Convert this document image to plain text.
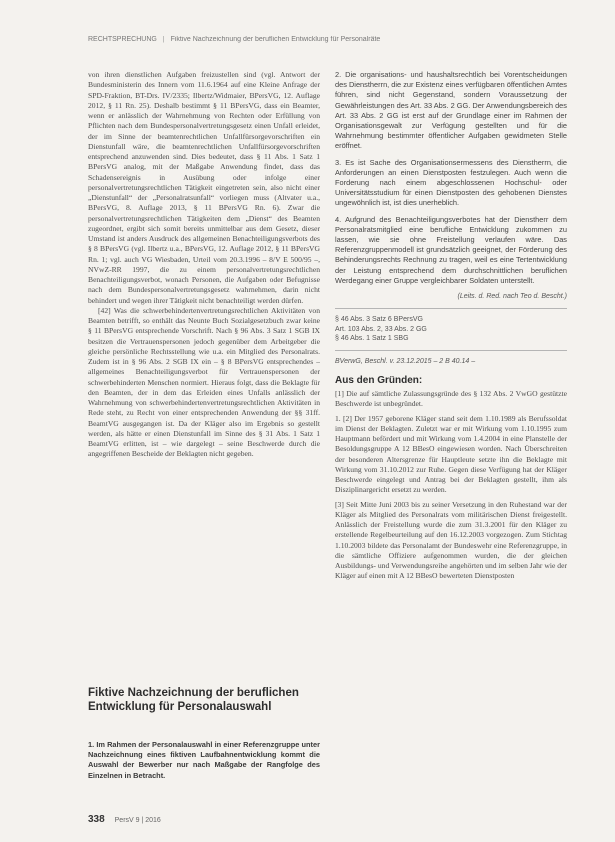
RECHTSPRECHUNG | Fiktive Nachzeichnung der beruflichen Entwicklung für Personalräte

von ihren dienstlichen Aufgaben freizustellen sind (vgl. Antwort der Bundesministerin des Innern vom 11.6.1964 auf eine Kleine Anfrage der SPD-Fraktion, BT-Drs. IV/2335; Ilbertz/Widmaier, BPersVG, 12. Auflage 2012, § 11 Rn. 25). Deshalb bestimmt § 11 BPersVG, dass ein Beamter, wenn er anlässlich der Wahrnehmung von Rechten oder Erfüllung von Pflichten nach dem Bundespersonalvertretungsgesetz einen Unfall erleidet, der im Sinne der beamtenrechtlichen Unfallfürsorgevorschriften ein Dienstunfall wäre, die beamtenrechtlichen Unfallfürsorgevorschriften entsprechend anzuwenden sind. Dies bedeutet, dass § 11 Abs. 1 Satz 1 BPersVG analog, mit der Maßgabe Anwendung findet, dass das Schadensereignis in Ausübung oder infolge einer personalvertretungsrechtlichen Tätigkeit eingetreten sein, also nicht einer „Dienstunfall“ der „Personalratsunfall“ vorliegen muss (Altvater u.a., BPersVG, 8. Auflage 2013, § 11 BPersVG Rn. 6). Zwar die personalvertretungsrechtlichen Tätigkeiten dem „Dienst“ des Beamten zugeordnet, ergibt sich somit bereits unmittelbar aus dem Gesetz, dieser Umstand ist anders Ausdruck des allgemeinen Benachteiligungsverbots des § 8 BPersVG (vgl. Ilbertz u.a., BPersVG, 12. Auflage 2012, § 11 BPersVG Rn. 1; vgl. auch VG Wiesbaden, Urteil vom 20.3.1996 – 8/V E 500/95 –, NVwZ-RR 1997, die zu einem personalvertretungsrechtlichen Benachteiligungsverbot, wonach Personen, die Aufgaben oder Befugnisse nach dem Bundespersonalvertretungsgesetz wahrnehmen, darin nicht behindert und wegen ihrer Tätigkeit nicht benachteiligt werden dürfen.

[42] Was die schwerbehindertenvertretungsrechtlichen Aktivitäten von Beamten betrifft, so enthält das Neunte Buch Sozialgesetzbuch zwar keine § 11 BPersVG entsprechende Vorschrift. Nach § 96 Abs. 3 Satz 1 SGB IX besitzen die Vertrauenspersonen jedoch gegenüber dem Arbeitgeber die gleiche persönliche Rechtsstellung wie u.a. ein Mitglied des Personalrats. Zudem ist in § 96 Abs. 2 SGB IX ein – § 8 BPersVG entsprechendes – allgemeines Benachteiligungsverbot für Vertrauenspersonen der schwerbehinderten Menschen normiert. Hieraus folgt, dass die Beklagte für den Beamten, der in dem das Erleiden eines Unfalls anlässlich der Wahrnehmung von schwerbehindertenvertretungsrechtlichen Aktivitäten in Rede steht, zu Recht von einer entsprechenden Anwendung der §§ 31ff. BeamtVG ausgegangen ist. Da der Kläger also im Ergebnis so gestellt werden, als hätte er einen Dienstunfall im Sinne des § 31 Abs. 1 Satz 1 BeamtVG erlitten, ist – wie dargelegt – seine Beschwerde durch die angegriffenen Bescheide der Beklagten nicht gegeben.

Fiktive Nachzeichnung der beruflichen Entwicklung für Personalauswahl

1. Im Rahmen der Personalauswahl in einer Referenzgruppe unter Nachzeichnung eines fiktiven Laufbahnentwicklung kommt die Auswahl der Bewerber nur nach Maßgabe der Rangfolge des Einzelnen in Betracht.

2. Die organisations- und haushaltsrechtlich bei Vorentscheidungen des Dienstherrn, die zur Existenz eines verfügbaren öffentlichen Amtes führen, sind nicht Gegenstand, sondern Voraussetzung der Gewährleistungen des Art. 33 Abs. 2 GG. Der Anwendungsbereich des Art. 33 Abs. 2 GG ist erst auf der Grundlage einer im Rahmen der Organisationsgewalt zur Verfügung gestellten und für die Wahrnehmung bestimmter öffentlicher Aufgaben gewidmeten Stelle eröffnet.

3. Es ist Sache des Organisationsermessens des Dienstherrn, die Anforderungen an einen Dienstposten festzulegen. Auch wenn die Forderung nach einem abgeschlossenen Hochschul- oder Universitätsstudium für einen Dienstposten des gehobenen Dienstes ungewöhnlich ist, ist dies unerheblich.

4. Aufgrund des Benachteiligungsverbotes hat der Dienstherr dem Personalratsmitglied eine berufliche Entwicklung zukommen zu lassen, wie sie ohne Freistellung verlaufen wäre. Das Referenzgruppenmodell ist grundsätzlich geeignet, der Förderung des Behinderungsrechts Rechnung zu tragen, weil es eine Tertentwicklung der Leistung entsprechend dem durchschnittlichen beruflichen Werdegang einer Gruppe vergleichbarer Soldaten unterstellt.

(Leits. d. Red. nach Teo d. Bescht.)

§ 46 Abs. 3 Satz 6 BPersVG

Art. 103 Abs. 2, 33 Abs. 2 GG

§ 46 Abs. 1 Satz 1 SBG

BVerwG, Beschl. v. 23.12.2015 – 2 B 40.14 –

Aus den Gründen:

[1] Die auf sämtliche Zulassungsgründe des § 132 Abs. 2 VwGO gestützte Beschwerde ist unbegründet.

1. [2] Der 1957 geborene Kläger stand seit dem 1.10.1989 als Berufssoldat im Dienst der Beklagten. Zuletzt war er mit Wirkung vom 1.10.1995 zum Hauptmann befördert und mit Wirkung vom 1.4.2004 in eine Planstelle der Besoldungsgruppe A 12 BBesO eingewiesen worden. Nach Überschreiten der besonderen Altersgrenze für Hauptleute setzte ihn die Beklagte mit Wirkung vom 31.10.2012 zur Ruhe. Gegen diese Verfügung hat der Kläger Beschwerde eingelegt und Antrag bei der Beklagten gestellt, ihm als Disziplinargericht ersetzt zu werden.

[3] Seit Mitte Juni 2003 bis zu seiner Versetzung in den Ruhestand war der Kläger als Mitglied des Personalrats vom militärischen Dienst freigestellt. Anlässlich der Freistellung wurde die zum 31.3.2001 für den Kläger zu erstellende Regelbeurteilung auf den 16.12.2003 vorgezogen. Zum Stichtag 1.10.2003 bildete das Personalamt der Bundeswehr eine Referenzgruppe, in die sämtliche Offiziere aufgenommen wurden, die der gleichen Ausbildungs- und Verwendungsreihe angehörten und im selben Jahr wie der Kläger auf einen mit A 12 BBesO bewerteten Dienstposten

338 PersV 9 | 2016
